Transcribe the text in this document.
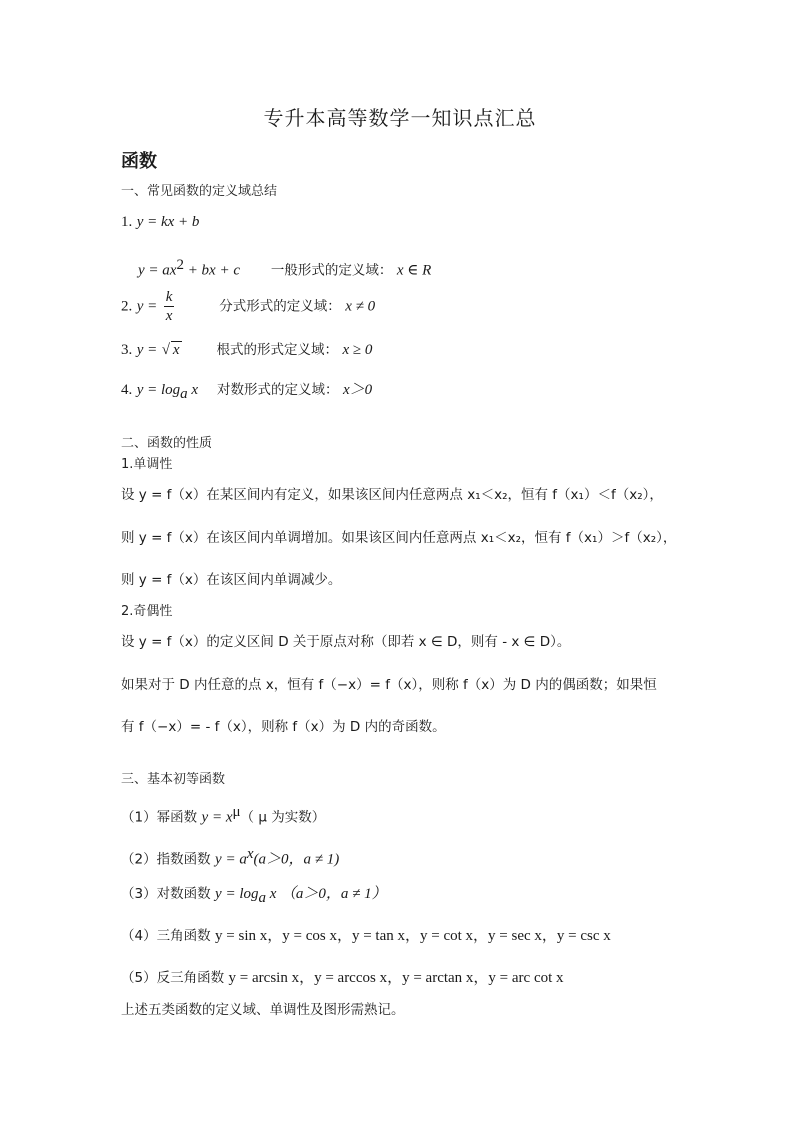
专升本高等数学一知识点汇总
函数
一、常见函数的定义域总结
1. y = kx + b
$y = ax^2$ + bx + c 一般形式的定义域： x ∈ R
2. $y = \frac{k}{x}$	分式形式的定义域： x ≠ 0
3. y = √ x	根式的形式定义域： x ≥ 0
4. $y = \log_a x$ 对数形式的定义域： x＞0
二、函数的性质
1.单调性
设 y = f（x）在某区间内有定义，如果该区间内任意两点 x₁＜x₂，恒有 f（x₁）＜f（x₂），
则 y = f（x）在该区间内单调增加。如果该区间内任意两点 x₁＜x₂，恒有 f（x₁）＞f（x₂），
则 y = f（x）在该区间内单调减少。
2.奇偶性
设 y = f（x）的定义区间 D 关于原点对称（即若 x ∈ D，则有 - x ∈ D）。
如果对于 D 内任意的点 x，恒有 f（−x）= f（x），则称 f（x）为 D 内的偶函数；如果恒
有 f（−x）= - f（x），则称 f（x）为 D 内的奇函数。
三、基本初等函数
（1）幂函数 $y = x^\mu$（ μ 为实数）
（2）指数函数 $y = a^x(a>0$，a ≠ 1)
（3）对数函数 $y = \log_a x$ （a＞0，a ≠ 1）
（4）三角函数 y = sin x，y = cos x，y = tan x，y = cot x，y = sec x，y = csc x
（5）反三角函数 y = arcsin x，y = arccos x，y = arctan x，y = arc cot x
上述五类函数的定义域、单调性及图形需熟记。
